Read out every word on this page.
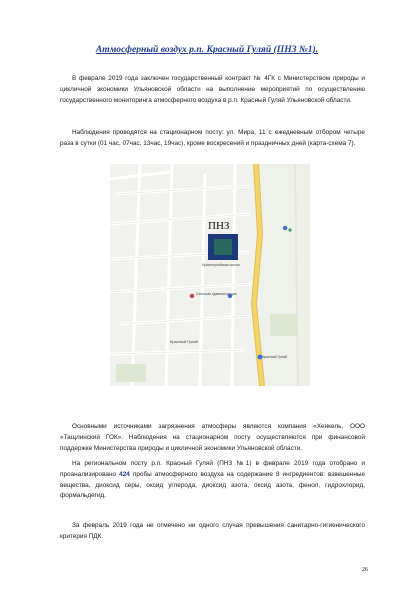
Атмосферный воздух р.п. Красный Гуляй (ПНЗ №1).
В феврале 2019 года заключен государственный контракт № 4ГК с Министерством природы и цикличной экономики Ульяновской области на выполнение мероприятий по осуществлению государственного мониторинга атмосферного воздуха в р.п. Красный Гуляй Ульяновской области.
Наблюдения проводятся на стационарном посту: ул. Мира, 11 с ежедневным отбором четыре раза в сутки (01 час, 07час, 13час, 19час), кроме воскресений и праздничных дней (карта-схема 7).
ПНЗ
Красногуляйская школа
Сельская администрация
Красный Гуляй
Красный Гуляй
Основными источниками загрязнения атмосферы являются компания «Хенкель, ООО «Тащлинский ГОК». Наблюдения на стационарном посту осуществляются при финансовой поддержке Министерства природы и цикличной экономики Ульяновской области.
На региональном посту р.п. Красный Гуляй (ПНЗ №1) в феврале 2019 года отобрано и проанализировано 424 пробы атмосферного воздуха на содержание 8 ингредиентов: взвешенные вещества, диоксид серы, оксид углерода, диоксид азота, оксид азота, фенол, гидрохлорид, формальдегид.
За февраль 2019 года не отмечено ни одного случая превышения санитарно-гигиенического критерия ПДК.
26
